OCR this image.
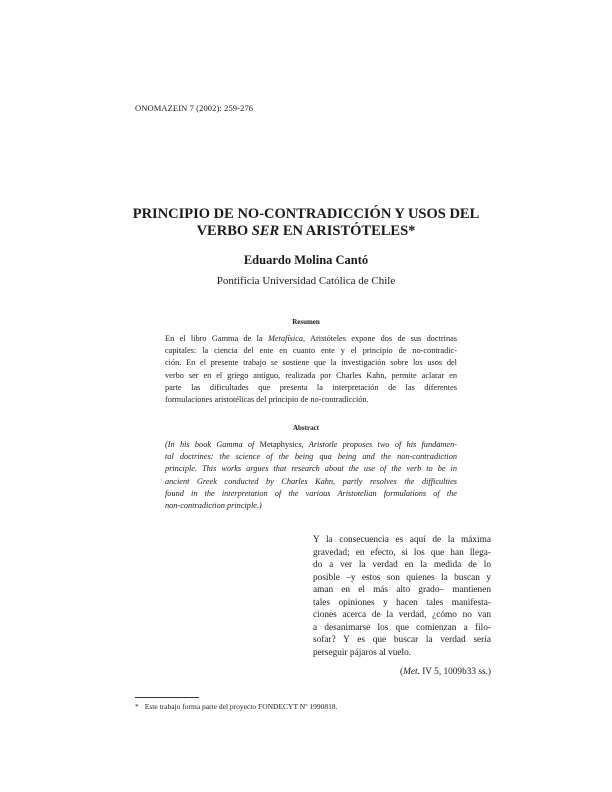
ONOMAZEIN 7 (2002): 259-276
PRINCIPIO DE NO-CONTRADICCIÓN Y USOS DEL
VERBO SER EN ARISTÓTELES*
Eduardo Molina Cantó
Pontificia Universidad Católica de Chile
Resumen
En el libro Gamma de la Metafísica, Aristóteles expone dos de sus doctrinas
capitales: la ciencia del ente en cuanto ente y el principio de no-contradic-
ción. En el presente trabajo se sostiene que la investigación sobre los usos del
verbo ser en el griego antiguo, realizada por Charles Kahn, permite aclarar en
parte las dificultades que presenta la interpretación de las diferentes
formulaciones aristotélicas del principio de no-contradicción.
Abstract
(In his book Gamma of Metaphysics, Aristotle proposes two of his fundamen-
tal doctrines: the science of the being qua being and the non-contradiction
principle. This works argues that research about the use of the verb to be in
ancient Greek conducted by Charles Kahn, partly resolves the difficulties
found in the interpretation of the various Aristotelian formulations of the
non-contradiction principle.)
Y la consecuencia es aquí de la máxima
gravedad; en efecto, si los que han llega-
do a ver la verdad en la medida de lo
posible –y estos son quienes la buscan y
aman en el más alto grado– mantienen
tales opiniones y hacen tales manifesta-
ciones acerca de la verdad, ¿cómo no van
a desanimarse los que comienzan a filo-
sofar? Y es que buscar la verdad sería
perseguir pájaros al vuelo.
(Met. IV 5, 1009b33 ss.)
* Este trabajo forma parte del proyecto FONDECYT Nº 1990818.
